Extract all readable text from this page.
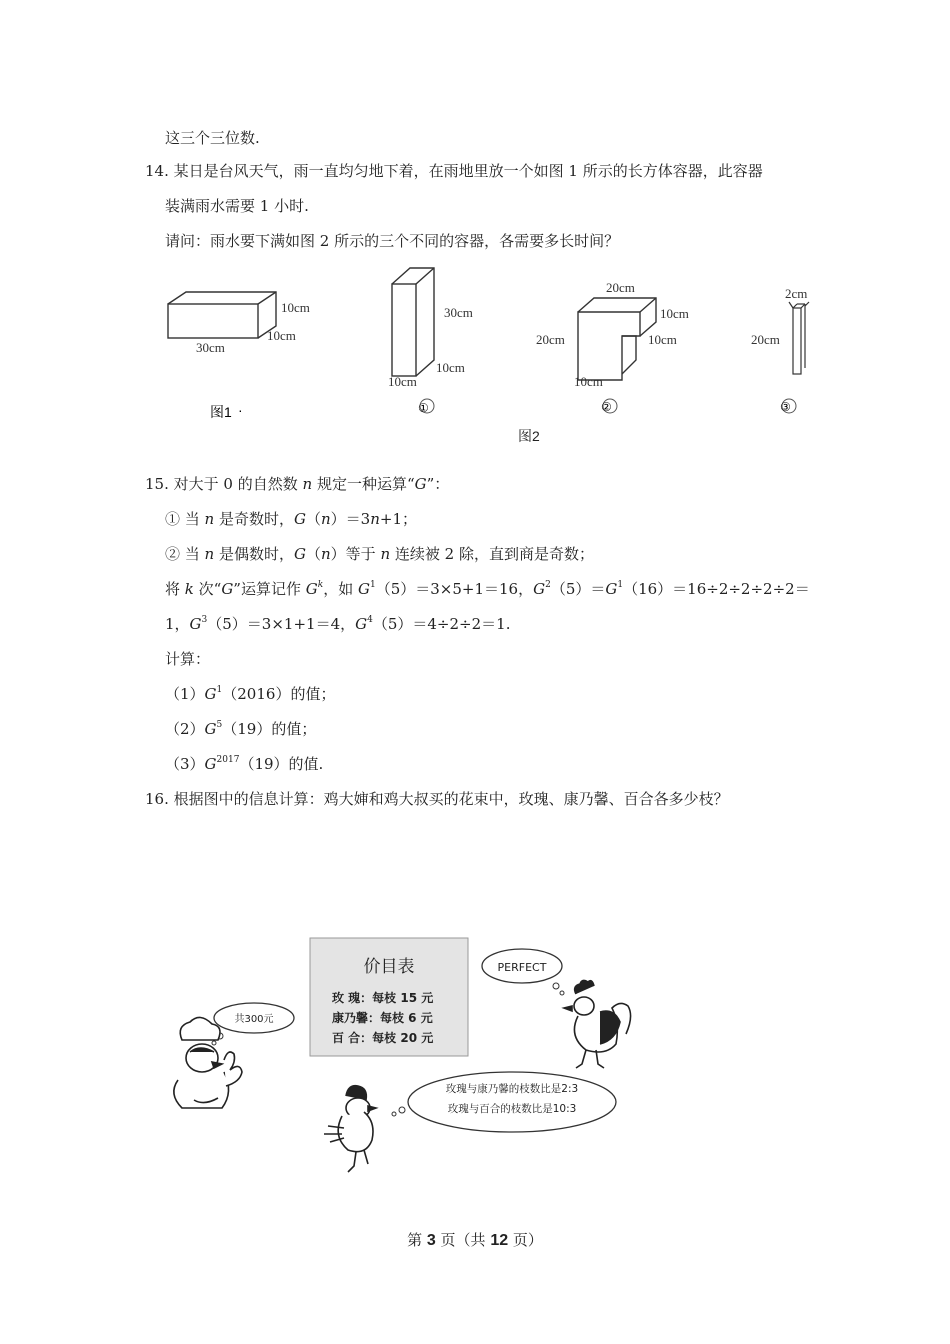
这三个三位数.
14. 某日是台风天气，雨一直均匀地下着，在雨地里放一个如图 1 所示的长方体容器，此容器
装满雨水需要 1 小时.
请问：雨水要下满如图 2 所示的三个不同的容器，各需要多长时间？
10cm
10cm
30cm
图1 ·
30cm
10cm
10cm
①
20cm
10cm
10cm
20cm
10cm
②
2cm
20cm
③
图2
15. 对大于 0 的自然数 n 规定一种运算“G”：
① 当 n 是奇数时，G（n）＝3n+1；
② 当 n 是偶数时，G（n）等于 n 连续被 2 除，直到商是奇数；
将 k 次“G”运算记作 $G^k$，如 $G^1(5)=3\times 5+1=16$，$G^2(5)=G^1(16)=16\div 2\div 2\div 2\div 2=$
1，$G^3(5)=3\times 1+1=4$，$G^4(5)=4\div 2\div 2=1$.
计算：
$(1)G^1(2016)$的值；
$(2)G^5(19)$的值；
$(3)G^{2017}(19)$的值.
16. 根据图中的信息计算：鸡大婶和鸡大叔买的花束中，玫瑰、康乃馨、百合各多少枝？
价目表
玫 瑰：每枝 15 元
康乃馨：每枝 6 元
百 合：每枝 20 元
共300元
PERFECT
玫瑰与康乃馨的枝数比是2:3
玫瑰与百合的枝数比是10:3
第 3 页（共 12 页）
